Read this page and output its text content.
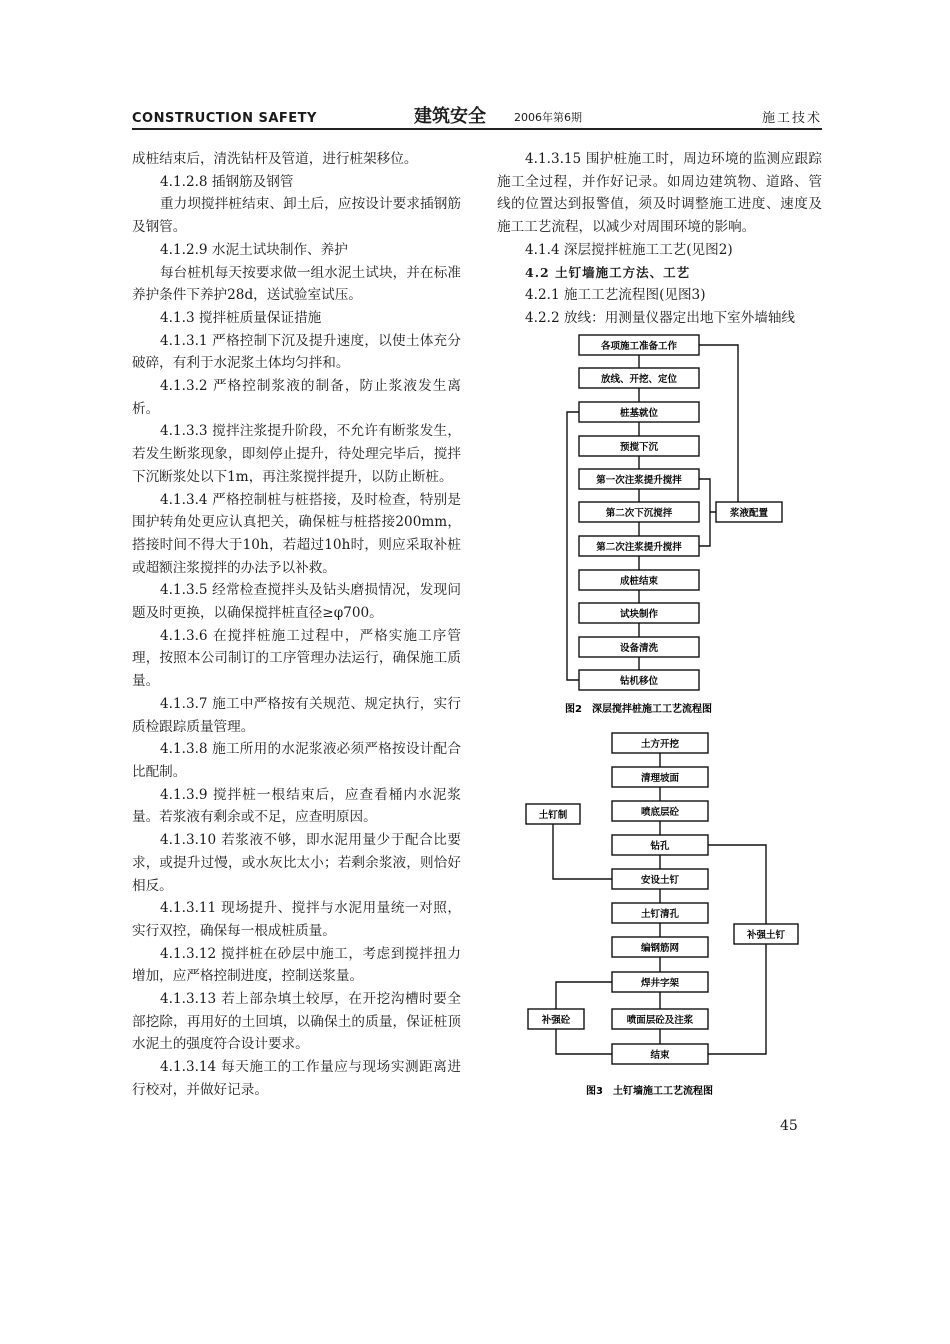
CONSTRUCTION SAFETY	建筑安全	2006年第6期	施工技术

成桩结束后，清洗钻杆及管道，进行桩架移位。

4.1.2.8 插钢筋及钢管

重力坝搅拌桩结束、卸土后，应按设计要求插钢筋及钢管。

4.1.2.9 水泥土试块制作、养护

每台桩机每天按要求做一组水泥土试块，并在标准养护条件下养护28d，送试验室试压。

4.1.3 搅拌桩质量保证措施

4.1.3.1 严格控制下沉及提升速度，以使土体充分破碎，有利于水泥浆土体均匀拌和。

4.1.3.2 严格控制浆液的制备，防止浆液发生离析。

4.1.3.3 搅拌注浆提升阶段，不允许有断浆发生，若发生断浆现象，即刻停止提升，待处理完毕后，搅拌下沉断浆处以下1m，再注浆搅拌提升，以防止断桩。

4.1.3.4 严格控制桩与桩搭接，及时检查，特别是围护转角处更应认真把关，确保桩与桩搭接200mm，搭接时间不得大于10h，若超过10h时，则应采取补桩或超额注浆搅拌的办法予以补救。

4.1.3.5 经常检查搅拌头及钻头磨损情况，发现问题及时更换，以确保搅拌桩直径≥φ700。

4.1.3.6 在搅拌桩施工过程中，严格实施工序管理，按照本公司制订的工序管理办法运行，确保施工质量。

4.1.3.7 施工中严格按有关规范、规定执行，实行质检跟踪质量管理。

4.1.3.8 施工所用的水泥浆液必须严格按设计配合比配制。

4.1.3.9 搅拌桩一根结束后，应查看桶内水泥浆量。若浆液有剩余或不足，应查明原因。

4.1.3.10 若浆液不够，即水泥用量少于配合比要求，或提升过慢，或水灰比太小；若剩余浆液，则恰好相反。

4.1.3.11 现场提升、搅拌与水泥用量统一对照，实行双控，确保每一根成桩质量。

4.1.3.12 搅拌桩在砂层中施工，考虑到搅拌扭力增加，应严格控制进度，控制送浆量。

4.1.3.13 若上部杂填土较厚，在开挖沟槽时要全部挖除，再用好的土回填，以确保土的质量，保证桩顶水泥土的强度符合设计要求。

4.1.3.14 每天施工的工作量应与现场实测距离进行校对，并做好记录。

4.1.3.15 围护桩施工时，周边环境的监测应跟踪施工全过程，并作好记录。如周边建筑物、道路、管线的位置达到报警值，须及时调整施工进度、速度及施工工艺流程，以减少对周围环境的影响。

4.1.4 深层搅拌桩施工工艺(见图2)

4.2 土钉墙施工方法、工艺

4.2.1 施工工艺流程图(见图3)

4.2.2 放线：用测量仪器定出地下室外墙轴线

各项施工准备工作
放线、开挖、定位
桩基就位
预搅下沉
第一次注浆提升搅拌
第二次下沉搅拌
第二次注浆提升搅拌
成桩结束
试块制作
设备清洗
钻机移位
浆液配置
图2　深层搅拌桩施工工艺流程图
土方开挖
清理坡面
喷底层砼
钻孔
安设土钉
土钉清孔
编钢筋网
焊井字架
喷面层砼及注浆
结束
土钉制
补强土钉
补强砼
图3　土钉墙施工工艺流程图
45
